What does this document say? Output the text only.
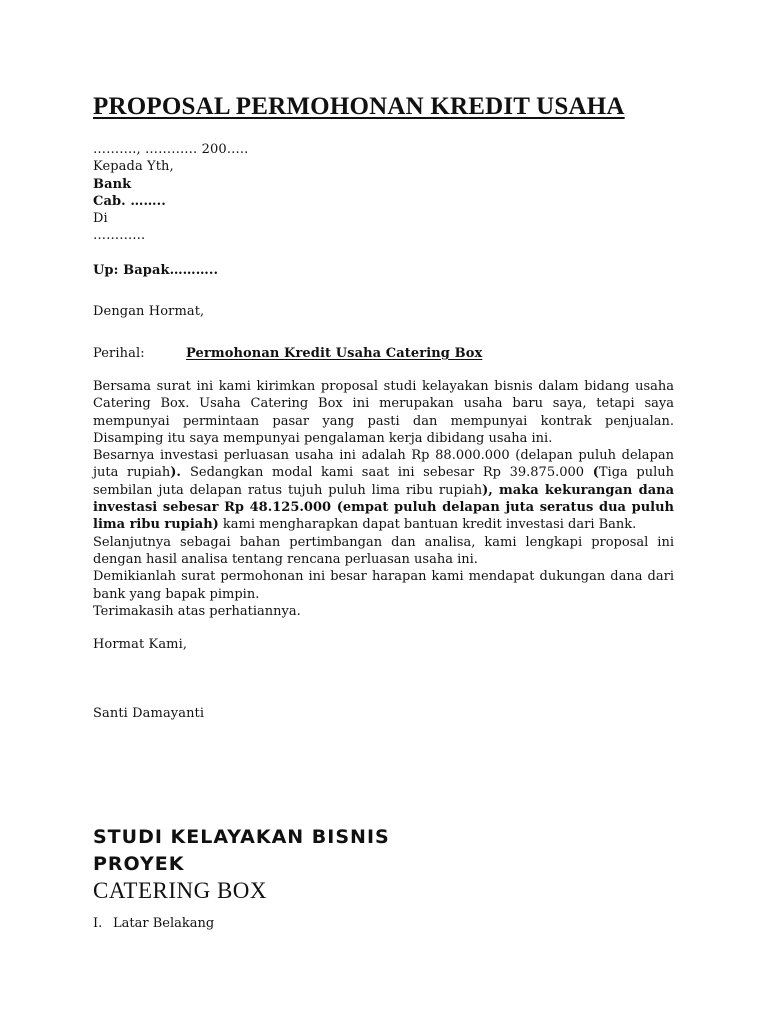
PROPOSAL PERMOHONAN KREDIT USAHA
………., ………… 200…..
Kepada Yth,
Bank
Cab. ……..
Di
…………
Up: Bapak………..
Dengan Hormat,
Perihal:	Permohonan Kredit Usaha Catering Box

Bersama surat ini kami kirimkan proposal studi kelayakan bisnis dalam bidang usaha Catering Box. Usaha Catering Box ini merupakan usaha baru saya, tetapi saya mempunyai permintaan pasar yang pasti dan mempunyai kontrak penjualan. Disamping itu saya mempunyai pengalaman kerja dibidang usaha ini.

Besarnya investasi perluasan usaha ini adalah Rp 88.000.000 (delapan puluh delapan juta rupiah). Sedangkan modal kami saat ini sebesar Rp 39.875.000 (Tiga puluh sembilan juta delapan ratus tujuh puluh lima ribu rupiah), maka kekurangan dana investasi sebesar Rp 48.125.000 (empat puluh delapan juta seratus dua puluh lima ribu rupiah) kami mengharapkan dapat bantuan kredit investasi dari Bank.

Selanjutnya sebagai bahan pertimbangan dan analisa, kami lengkapi proposal ini dengan hasil analisa tentang rencana perluasan usaha ini.

Demikianlah surat permohonan ini besar harapan kami mendapat dukungan dana dari bank yang bapak pimpin.

Terimakasih atas perhatiannya.

Hormat Kami,
Santi Damayanti
STUDI KELAYAKAN BISNIS
PROYEK
CATERING BOX
I. Latar Belakang
